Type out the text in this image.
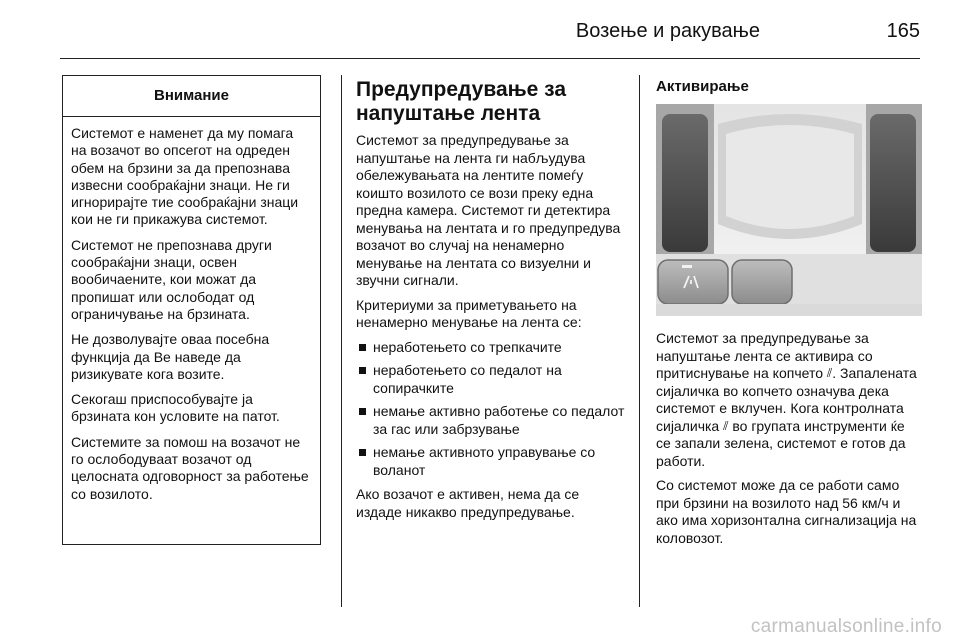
Возење и ракување	165
Внимание

Системот е наменет да му помага на возачот во опсегот на одреден обем на брзини за да препознава извесни сообраќајни знаци. Не ги игнорирајте тие сообраќајни знаци кои не ги прикажува системот.

Системот не препознава други сообраќајни знаци, освен вообичаените, кои можат да пропишат или ослободат од ограничување на брзината.

Не дозволувајте оваа посебна функција да Ве наведе да ризикувате кога возите.

Секогаш приспособувајте ја брзината кон условите на патот.

Системите за помош на возачот не го ослободуваат возачот од целосната одговорност за работење со возилото.

Предупредување за напуштање лента

Системот за предупредување за напуштање на лента ги набљудува обележувањата на лентите помеѓу коишто возилото се вози преку една предна камера. Системот ги детектира менувања на лентата и го предупредува возачот во случај на ненамерно менување на лентата со визуелни и звучни сигнали.

Критериуми за приметувањето на ненамерно менување на лента се:

неработењето со трепкачите
неработењето со педалот на сопирачките
немање активно работење со педалот за гас или забрзување
немање активното управување со воланот

Ако возачот е активен, нема да се издаде никакво предупредување.

Активирање

Системот за предупредување за напуштање лента се активира со притиснување на копчето ⫽. Запалената сијаличка во копчето означува дека системот е вклучен. Кога контролната сијаличка ⫽ во групата инструменти ќе се запали зелена, системот е готов да работи.

Со системот може да се работи само при брзини на возилото над 56 км/ч и ако има хоризонтална сигнализација на коловозот.

carmanualsonline.info
